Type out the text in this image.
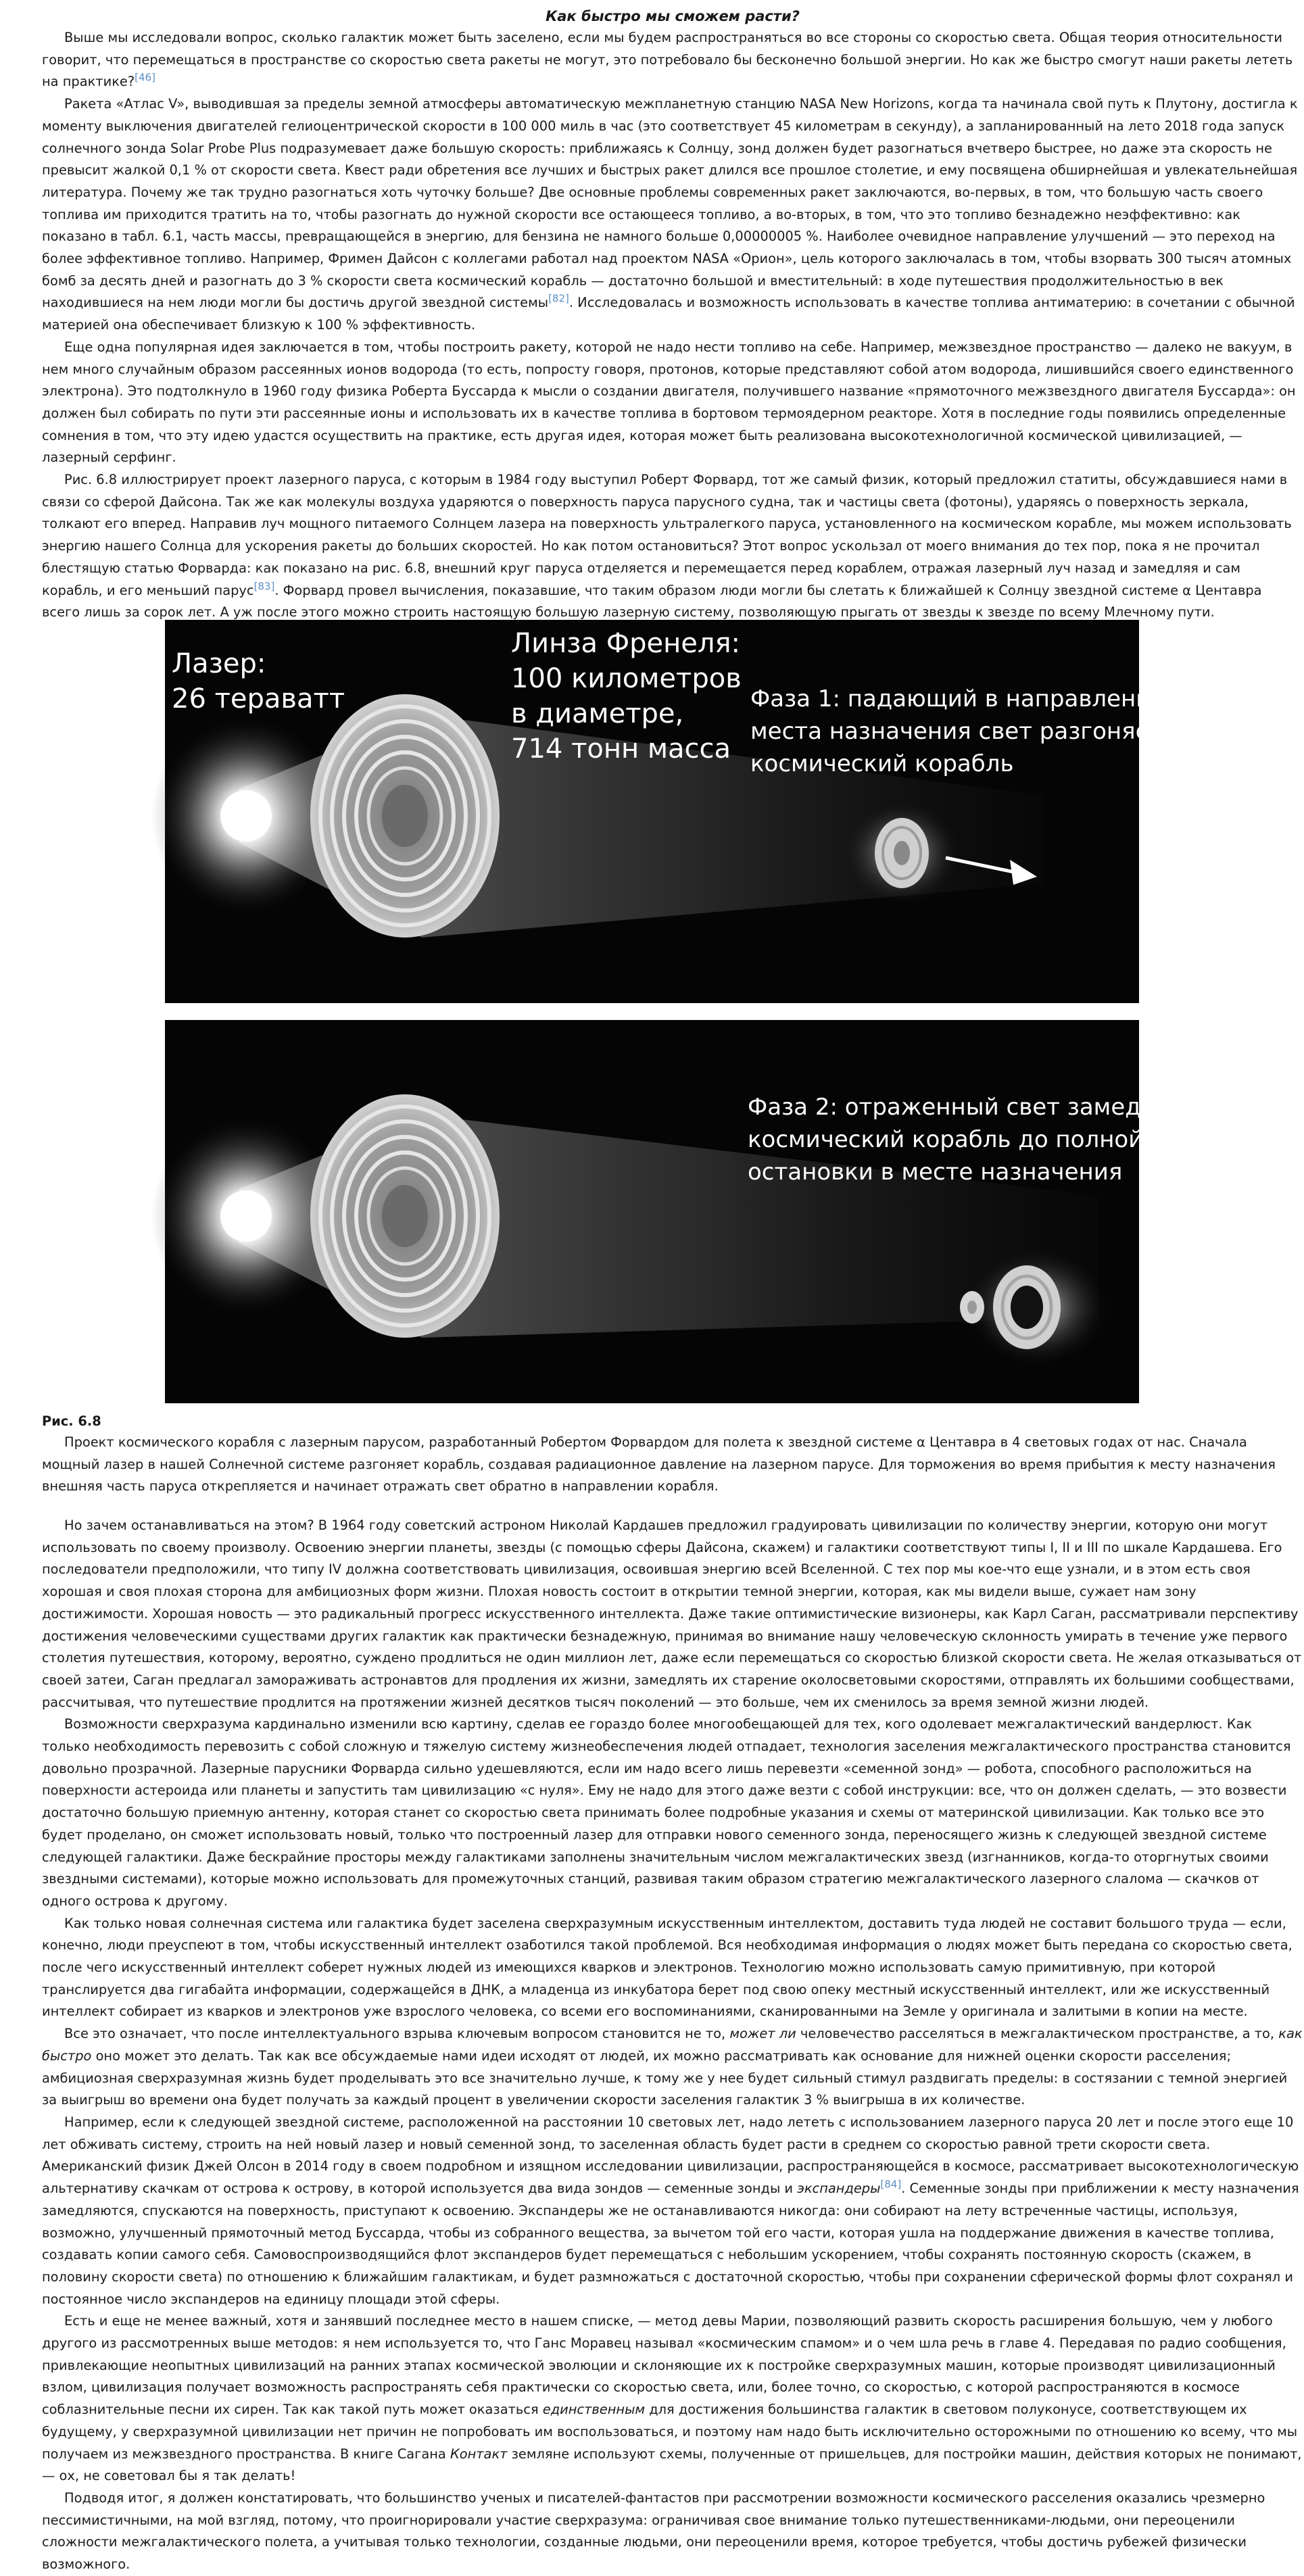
Как быстро мы сможем расти?

Выше мы исследовали вопрос, сколько галактик может быть заселено, если мы будем распространяться во все стороны со скоростью света. Общая теория относительности говорит, что перемещаться в пространстве со скоростью света ракеты не могут, это потребовало бы бесконечно большой энергии. Но как же быстро смогут наши ракеты лететь на практике?[46]

Ракета «Атлас V», выводившая за пределы земной атмосферы автоматическую межпланетную станцию NASA New Horizons, когда та начинала свой путь к Плутону, достигла к моменту выключения двигателей гелиоцентрической скорости в 100 000 миль в час (это соответствует 45 километрам в секунду), а запланированный на лето 2018 года запуск солнечного зонда Solar Probe Plus подразумевает даже большую скорость: приближаясь к Солнцу, зонд должен будет разогнаться вчетверо быстрее, но даже эта скорость не превысит жалкой 0,1 % от скорости света. Квест ради обретения все лучших и быстрых ракет длился все прошлое столетие, и ему посвящена обширнейшая и увлекательнейшая литература. Почему же так трудно разогнаться хоть чуточку больше? Две основные проблемы современных ракет заключаются, во-первых, в том, что большую часть своего топлива им приходится тратить на то, чтобы разогнать до нужной скорости все остающееся топливо, а во-вторых, в том, что это топливо безнадежно неэффективно: как показано в табл. 6.1, часть массы, превращающейся в энергию, для бензина не намного больше 0,00000005 %. Наиболее очевидное направление улучшений — это переход на более эффективное топливо. Например, Фримен Дайсон с коллегами работал над проектом NASA «Орион», цель которого заключалась в том, чтобы взорвать 300 тысяч атомных бомб за десять дней и разогнать до 3 % скорости света космический корабль — достаточно большой и вместительный: в ходе путешествия продолжительностью в век находившиеся на нем люди могли бы достичь другой звездной системы[82]. Исследовалась и возможность использовать в качестве топлива антиматерию: в сочетании с обычной материей она обеспечивает близкую к 100 % эффективность.

Еще одна популярная идея заключается в том, чтобы построить ракету, которой не надо нести топливо на себе. Например, межзвездное пространство — далеко не вакуум, в нем много случайным образом рассеянных ионов водорода (то есть, попросту говоря, протонов, которые представляют собой атом водорода, лишившийся своего единственного электрона). Это подтолкнуло в 1960 году физика Роберта Буссарда к мысли о создании двигателя, получившего название «прямоточного межзвездного двигателя Буссарда»: он должен был собирать по пути эти рассеянные ионы и использовать их в качестве топлива в бортовом термоядерном реакторе. Хотя в последние годы появились определенные сомнения в том, что эту идею удастся осуществить на практике, есть другая идея, которая может быть реализована высокотехнологичной космической цивилизацией, — лазерный серфинг.

Рис. 6.8 иллюстрирует проект лазерного паруса, с которым в 1984 году выступил Роберт Форвард, тот же самый физик, который предложил статиты, обсуждавшиеся нами в связи со сферой Дайсона. Так же как молекулы воздуха ударяются о поверхность паруса парусного судна, так и частицы света (фотоны), ударяясь о поверхность зеркала, толкают его вперед. Направив луч мощного питаемого Солнцем лазера на поверхность ультралегкого паруса, установленного на космическом корабле, мы можем использовать энергию нашего Солнца для ускорения ракеты до больших скоростей. Но как потом остановиться? Этот вопрос ускользал от моего внимания до тех пор, пока я не прочитал блестящую статью Форварда: как показано на рис. 6.8, внешний круг паруса отделяется и перемещается перед кораблем, отражая лазерный луч назад и замедляя и сам корабль, и его меньший парус[83]. Форвард провел вычисления, показавшие, что таким образом люди могли бы слетать к ближайшей к Солнцу звездной системе α Центавра всего лишь за сорок лет. А уж после этого можно строить настоящую большую лазерную систему, позволяющую прыгать от звезды к звезде по всему Млечному пути.

Лазер: 26 тераватт
Линза Френеля: 100 километров в диаметре, 714 тонн масса
Фаза 1: падающий в направлении места назначения свет разгоняет космический корабль
Фаза 2: отраженный свет замедляет космический корабль до полной остановки в месте назначения
Рис. 6.8

Проект космического корабля с лазерным парусом, разработанный Робертом Форвардом для полета к звездной системе α Центавра в 4 световых годах от нас. Сначала мощный лазер в нашей Солнечной системе разгоняет корабль, создавая радиационное давление на лазерном парусе. Для торможения во время прибытия к месту назначения внешняя часть паруса открепляется и начинает отражать свет обратно в направлении корабля.

Но зачем останавливаться на этом? В 1964 году советский астроном Николай Кардашев предложил градуировать цивилизации по количеству энергии, которую они могут использовать по своему произволу. Освоению энергии планеты, звезды (с помощью сферы Дайсона, скажем) и галактики соответствуют типы I, II и III по шкале Кардашева. Его последователи предположили, что типу IV должна соответствовать цивилизация, освоившая энергию всей Вселенной. С тех пор мы кое-что еще узнали, и в этом есть своя хорошая и своя плохая сторона для амбициозных форм жизни. Плохая новость состоит в открытии темной энергии, которая, как мы видели выше, сужает нам зону достижимости. Хорошая новость — это радикальный прогресс искусственного интеллекта. Даже такие оптимистические визионеры, как Карл Саган, рассматривали перспективу достижения человеческими существами других галактик как практически безнадежную, принимая во внимание нашу человеческую склонность умирать в течение уже первого столетия путешествия, которому, вероятно, суждено продлиться не один миллион лет, даже если перемещаться со скоростью близкой скорости света. Не желая отказываться от своей затеи, Саган предлагал замораживать астронавтов для продления их жизни, замедлять их старение околосветовыми скоростями, отправлять их большими сообществами, рассчитывая, что путешествие продлится на протяжении жизней десятков тысяч поколений — это больше, чем их сменилось за время земной жизни людей.

Возможности сверхразума кардинально изменили всю картину, сделав ее гораздо более многообещающей для тех, кого одолевает межгалактический вандерлюст. Как только необходимость перевозить с собой сложную и тяжелую систему жизнеобеспечения людей отпадает, технология заселения межгалактического пространства становится довольно прозрачной. Лазерные парусники Форварда сильно удешевляются, если им надо всего лишь перевезти «семенной зонд» — робота, способного расположиться на поверхности астероида или планеты и запустить там цивилизацию «с нуля». Ему не надо для этого даже везти с собой инструкции: все, что он должен сделать, — это возвести достаточно большую приемную антенну, которая станет со скоростью света принимать более подробные указания и схемы от материнской цивилизации. Как только все это будет проделано, он сможет использовать новый, только что построенный лазер для отправки нового семенного зонда, переносящего жизнь к следующей звездной системе следующей галактики. Даже бескрайние просторы между галактиками заполнены значительным числом межгалактических звезд (изгнанников, когда-то оторгнутых своими звездными системами), которые можно использовать для промежуточных станций, развивая таким образом стратегию межгалактического лазерного слалома — скачков от одного острова к другому.

Как только новая солнечная система или галактика будет заселена сверхразумным искусственным интеллектом, доставить туда людей не составит большого труда — если, конечно, люди преуспеют в том, чтобы искусственный интеллект озаботился такой проблемой. Вся необходимая информация о людях может быть передана со скоростью света, после чего искусственный интеллект соберет нужных людей из имеющихся кварков и электронов. Технологию можно использовать самую примитивную, при которой транслируется два гигабайта информации, содержащейся в ДНК, а младенца из инкубатора берет под свою опеку местный искусственный интеллект, или же искусственный интеллект собирает из кварков и электронов уже взрослого человека, со всеми его воспоминаниями, сканированными на Земле у оригинала и залитыми в копии на месте.

Все это означает, что после интеллектуального взрыва ключевым вопросом становится не то, может ли человечество расселяться в межгалактическом пространстве, а то, как быстро оно может это делать. Так как все обсуждаемые нами идеи исходят от людей, их можно рассматривать как основание для нижней оценки скорости расселения; амбициозная сверхразумная жизнь будет проделывать это все значительно лучше, к тому же у нее будет сильный стимул раздвигать пределы: в состязании с темной энергией за выигрыш во времени она будет получать за каждый процент в увеличении скорости заселения галактик 3 % выигрыша в их количестве.

Например, если к следующей звездной системе, расположенной на расстоянии 10 световых лет, надо лететь с использованием лазерного паруса 20 лет и после этого еще 10 лет обживать систему, строить на ней новый лазер и новый семенной зонд, то заселенная область будет расти в среднем со скоростью равной трети скорости света. Американский физик Джей Олсон в 2014 году в своем подробном и изящном исследовании цивилизации, распространяющейся в космосе, рассматривает высокотехнологическую альтернативу скачкам от острова к острову, в которой используется два вида зондов — семенные зонды и экспандеры[84]. Семенные зонды при приближении к месту назначения замедляются, спускаются на поверхность, приступают к освоению. Экспандеры же не останавливаются никогда: они собирают на лету встреченные частицы, используя, возможно, улучшенный прямоточный метод Буссарда, чтобы из собранного вещества, за вычетом той его части, которая ушла на поддержание движения в качестве топлива, создавать копии самого себя. Самовоспроизводящийся флот экспандеров будет перемещаться с небольшим ускорением, чтобы сохранять постоянную скорость (скажем, в половину скорости света) по отношению к ближайшим галактикам, и будет размножаться с достаточной скоростью, чтобы при сохранении сферической формы флот сохранял и постоянное число экспандеров на единицу площади этой сферы.

Есть и еще не менее важный, хотя и занявший последнее место в нашем списке, — метод девы Марии, позволяющий развить скорость расширения большую, чем у любого другого из рассмотренных выше методов: я нем используется то, что Ганс Моравец называл «космическим спамом» и о чем шла речь в главе 4. Передавая по радио сообщения, привлекающие неопытных цивилизаций на ранних этапах космической эволюции и склоняющие их к постройке сверхразумных машин, которые производят цивилизационный взлом, цивилизация получает возможность распространять себя практически со скоростью света, или, более точно, со скоростью, с которой распространяются в космосе соблазнительные песни их сирен. Так как такой путь может оказаться единственным для достижения большинства галактик в световом полуконусе, соответствующем их будущему, у сверхразумной цивилизации нет причин не попробовать им воспользоваться, и поэтому нам надо быть исключительно осторожными по отношению ко всему, что мы получаем из межзвездного пространства. В книге Сагана Контакт земляне используют схемы, полученные от пришельцев, для постройки машин, действия которых не понимают, — ох, не советовал бы я так делать!

Подводя итог, я должен констатировать, что большинство ученых и писателей-фантастов при рассмотрении возможности космического расселения оказались чрезмерно пессимистичными, на мой взгляд, потому, что проигнорировали участие сверхразума: ограничивая свое внимание только путешественниками-людьми, они переоценили сложности межгалактического полета, а учитывая только технологии, созданные людьми, они переоценили время, которое требуется, чтобы достичь рубежей физически возможного.
